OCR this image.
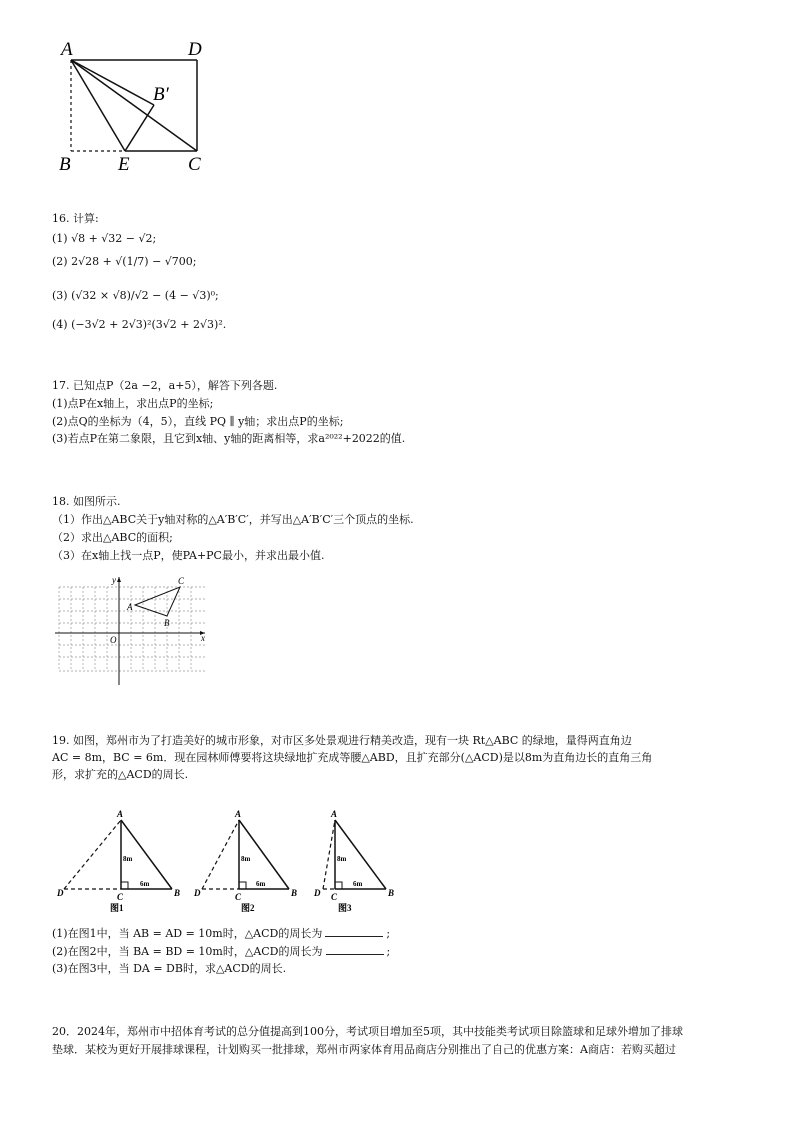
A	D
B′
B E	C
16. 计算:
(1) √8 + √32 − √2;
(2) 2√28 + √(1/7) − √700;
(3) (√32 × √8)/√2 − (4 − √3)⁰;
(4) (−3√2 + 2√3)²(3√2 + 2√3)².
17. 已知点P（2a −2，a+5），解答下列各题.
(1)点P在x轴上，求出点P的坐标;
(2)点Q的坐标为（4，5），直线 PQ ∥ y轴；求出点P的坐标;
(3)若点P在第二象限，且它到x轴、y轴的距离相等，求a²⁰²²+2022的值.
18. 如图所示.
（1）作出△ABC关于y轴对称的△A′B′C′，并写出△A′B′C′三个顶点的坐标.
（2）求出△ABC的面积;
（3）在x轴上找一点P，使PA+PC最小，并求出最小值.
y
x
O
A
B
C
19. 如图，郑州市为了打造美好的城市形象，对市区多处景观进行精美改造，现有一块 Rt△ABC 的绿地，量得两直角边
AC = 8m，BC = 6m．现在园林师傅要将这块绿地扩充成等腰△ABD，且扩充部分(△ACD)是以8m为直角边长的直角三角
形，求扩充的△ACD的周长.
A
D	C	B
8m
6m
图1
A
D	C	B
8m
6m
图2
A
D C	B
8m
6m
图3
(1)在图1中，当 AB = AD = 10m时，△ACD的周长为	;
(2)在图2中，当 BA = BD = 10m时，△ACD的周长为	;
(3)在图3中，当 DA = DB时，求△ACD的周长.
20．2024年，郑州市中招体育考试的总分值提高到100分，考试项目增加至5项，其中技能类考试项目除篮球和足球外增加了排球
垫球．某校为更好开展排球课程，计划购买一批排球，郑州市两家体育用品商店分别推出了自己的优惠方案：A商店：若购买超过
